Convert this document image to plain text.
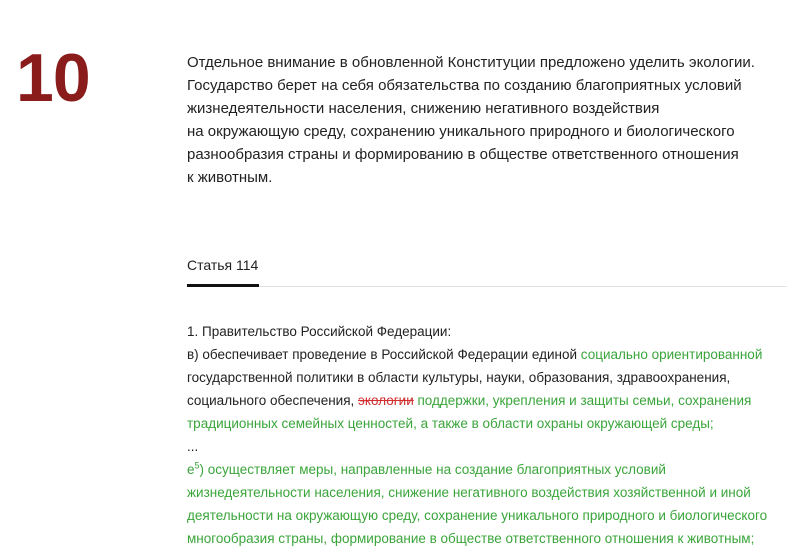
10	Отдельное внимание в обновленной Конституции предложено уделить экологии.
Государство берет на себя обязательства по созданию благоприятных условий
жизнедеятельности населения, снижению негативного воздействия
на окружающую среду, сохранению уникального природного и биологического
разнообразия страны и формированию в обществе ответственного отношения
к животным.
Статья 114
1. Правительство Российской Федерации:
в) обеспечивает проведение в Российской Федерации единой социально ориентированной
государственной политики в области культуры, науки, образования, здравоохранения,
социального обеспечения, экологии поддержки, укрепления и защиты семьи, сохранения
традиционных семейных ценностей, а также в области охраны окружающей среды;
...
$е^5$) осуществляет меры, направленные на создание благоприятных условий
жизнедеятельности населения, снижение негативного воздействия хозяйственной и иной
деятельности на окружающую среду, сохранение уникального природного и биологического
многообразия страны, формирование в обществе ответственного отношения к животным;
